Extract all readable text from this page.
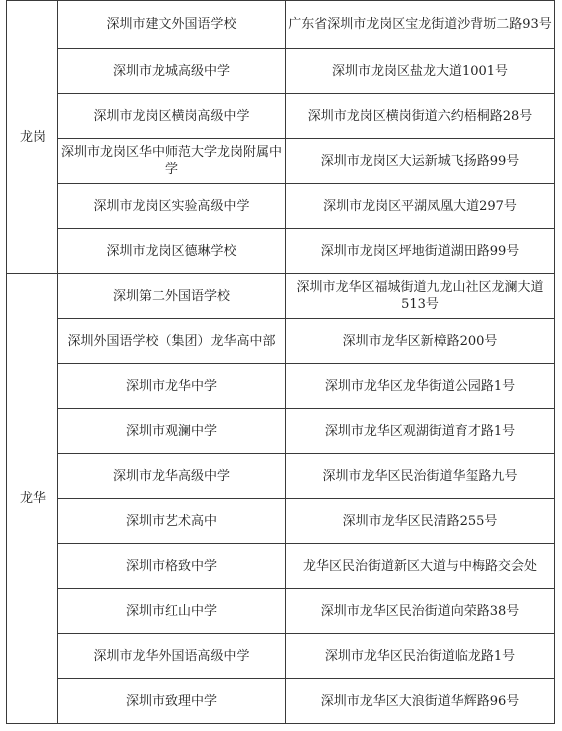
龙岗	深圳市建文外国语学校	广东省深圳市龙岗区宝龙街道沙背坜二路93号
	深圳市龙城高级中学	深圳市龙岗区盐龙大道1001号
	深圳市龙岗区横岗高级中学	深圳市龙岗区横岗街道六约梧桐路28号
	深圳市龙岗区华中师范大学龙岗附属中学	深圳市龙岗区大运新城飞扬路99号
	深圳市龙岗区实验高级中学	深圳市龙岗区平湖凤凰大道297号
	深圳市龙岗区德琳学校	深圳市龙岗区坪地街道湖田路99号
龙华	深圳第二外国语学校	深圳市龙华区福城街道九龙山社区龙澜大道513号
	深圳外国语学校（集团）龙华高中部	深圳市龙华区新樟路200号
	深圳市龙华中学	深圳市龙华区龙华街道公园路1号
	深圳市观澜中学	深圳市龙华区观湖街道育才路1号
	深圳市龙华高级中学	深圳市龙华区民治街道华玺路九号
	深圳市艺术高中	深圳市龙华区民清路255号
	深圳市格致中学	龙华区民治街道新区大道与中梅路交会处
	深圳市红山中学	深圳市龙华区民治街道向荣路38号
	深圳市龙华外国语高级中学	深圳市龙华区民治街道临龙路1号
	深圳市致理中学	深圳市龙华区大浪街道华辉路96号
